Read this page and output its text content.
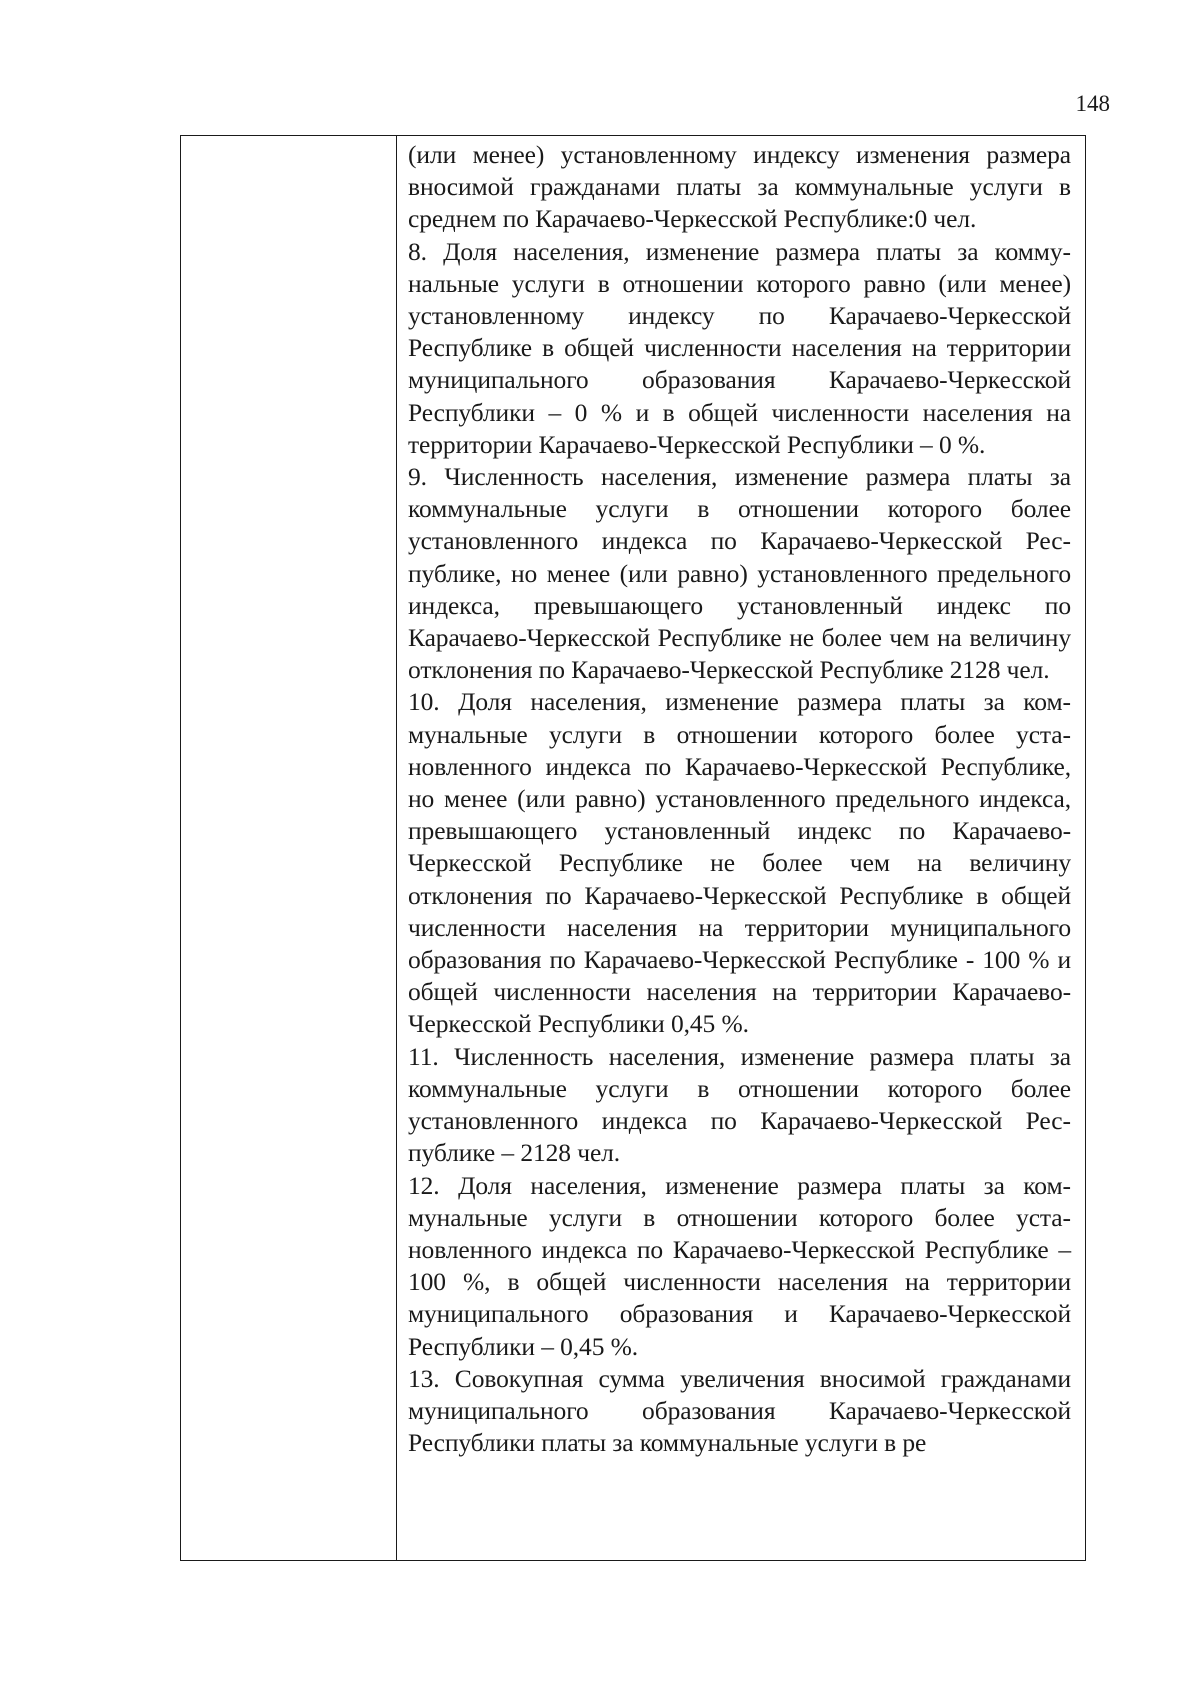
148

(или менее) установленному индексу изменения размера вносимой гражданами платы за коммунальные услуги в среднем по Карачаево-Черкесской Республике:0 чел.

8. Доля населения, изменение размера платы за коммунальные услуги в отношении которого равно (или менее) установленному индексу по Карачаево-Черкесской Республике в общей численности населения на территории муниципального образования Карачаево-Черкесской Республики – 0 % и в общей численности населения на территории Карачаево-Черкесской Республики – 0 %.

9. Численность населения, изменение размера платы за коммунальные услуги в отношении которого более установленного индекса по Карачаево-Черкесской Республике, но менее (или равно) установленного предельного индекса, превышающего установленный индекс по Карачаево-Черкесской Республике не более чем на величину отклонения по Карачаево-Черкесской Республике 2128 чел.

10. Доля населения, изменение размера платы за коммунальные услуги в отношении которого более установленного индекса по Карачаево-Черкесской Республике, но менее (или равно) установленного предельного индекса, превышающего установленный индекс по Карачаево-Черкесской Республике не более чем на величину отклонения по Карачаево-Черкесской Республике в общей численности населения на территории муниципального образования по Карачаево-Черкесской Республике - 100 % и общей численности населения на территории Карачаево-Черкесской Республики 0,45 %.

11. Численность населения, изменение размера платы за коммунальные услуги в отношении которого более установленного индекса по Карачаево-Черкесской Республике – 2128 чел.

12. Доля населения, изменение размера платы за коммунальные услуги в отношении которого более установленного индекса по Карачаево-Черкесской Республике – 100 %, в общей численности населения на территории муниципального образования и Карачаево-Черкесской Республики – 0,45 %.

13. Совокупная сумма увеличения вносимой гражданами муниципального образования Карачаево-Черкесской Республики платы за коммунальные услуги в ре
